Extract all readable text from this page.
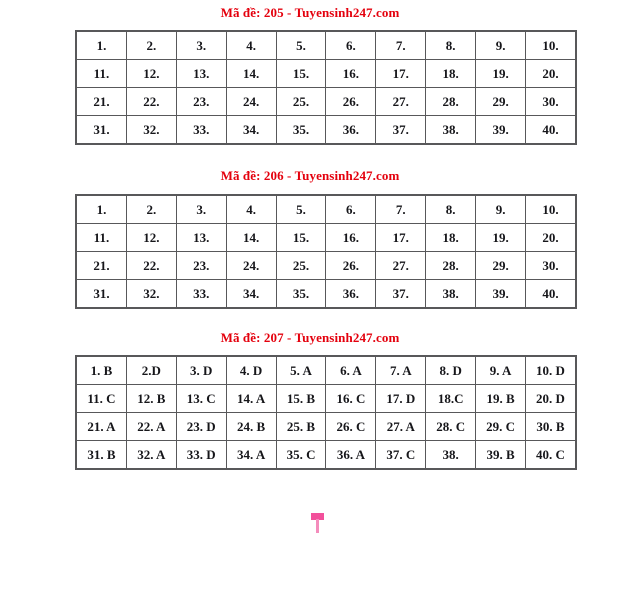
Mã đề: 205 - Tuyensinh247.com
1.	2.	3.	4.	5.	6.	7.	8.	9.	10.
11.	12.	13.	14.	15.	16.	17.	18.	19.	20.
21.	22.	23.	24.	25.	26.	27.	28.	29.	30.
31.	32.	33.	34.	35.	36.	37.	38.	39.	40.
Mã đề: 206 - Tuyensinh247.com
1.	2.	3.	4.	5.	6.	7.	8.	9.	10.
11.	12.	13.	14.	15.	16.	17.	18.	19.	20.
21.	22.	23.	24.	25.	26.	27.	28.	29.	30.
31.	32.	33.	34.	35.	36.	37.	38.	39.	40.
Mã đề: 207 - Tuyensinh247.com
1. B	2.D	3. D	4. D	5. A	6. A	7. A	8. D	9. A	10. D
11. C	12. B	13. C	14. A	15. B	16. C	17. D	18.C	19. B	20. D
21. A	22. A	23. D	24. B	25. B	26. C	27. A	28. C	29. C	30. B
31. B	32. A	33. D	34. A	35. C	36. A	37. C	38.	39. B	40. C
